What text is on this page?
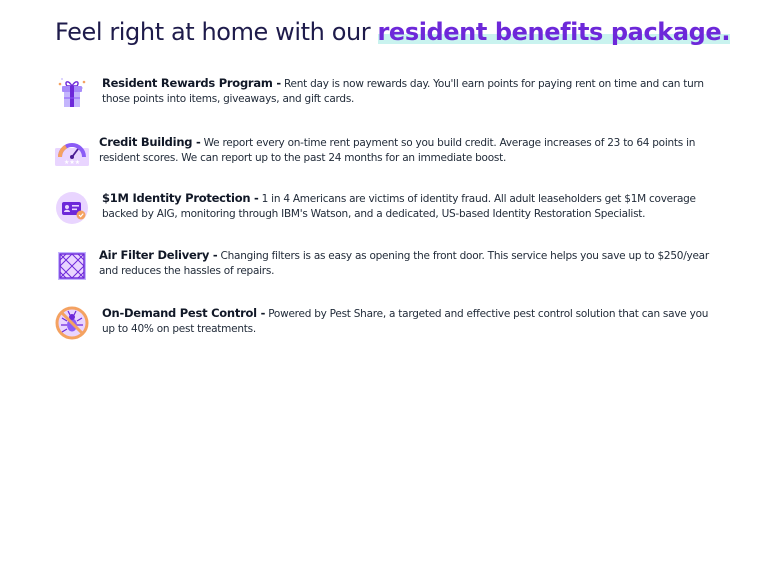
Feel right at home with our resident benefits package.

Resident Rewards Program - Rent day is now rewards day. You'll earn points for paying rent on time and can turn those points into items, giveaways, and gift cards.

★★★

Credit Building - We report every on-time rent payment so you build credit. Average increases of 23 to 64 points in resident scores. We can report up to the past 24 months for an immediate boost.

$1M Identity Protection - 1 in 4 Americans are victims of identity fraud. All adult leaseholders get $1M coverage backed by AIG, monitoring through IBM's Watson, and a dedicated, US-based Identity Restoration Specialist.

Air Filter Delivery - Changing filters is as easy as opening the front door. This service helps you save up to $250/year and reduces the hassles of repairs.

On-Demand Pest Control - Powered by Pest Share, a targeted and effective pest control solution that can save you up to 40% on pest treatments.
